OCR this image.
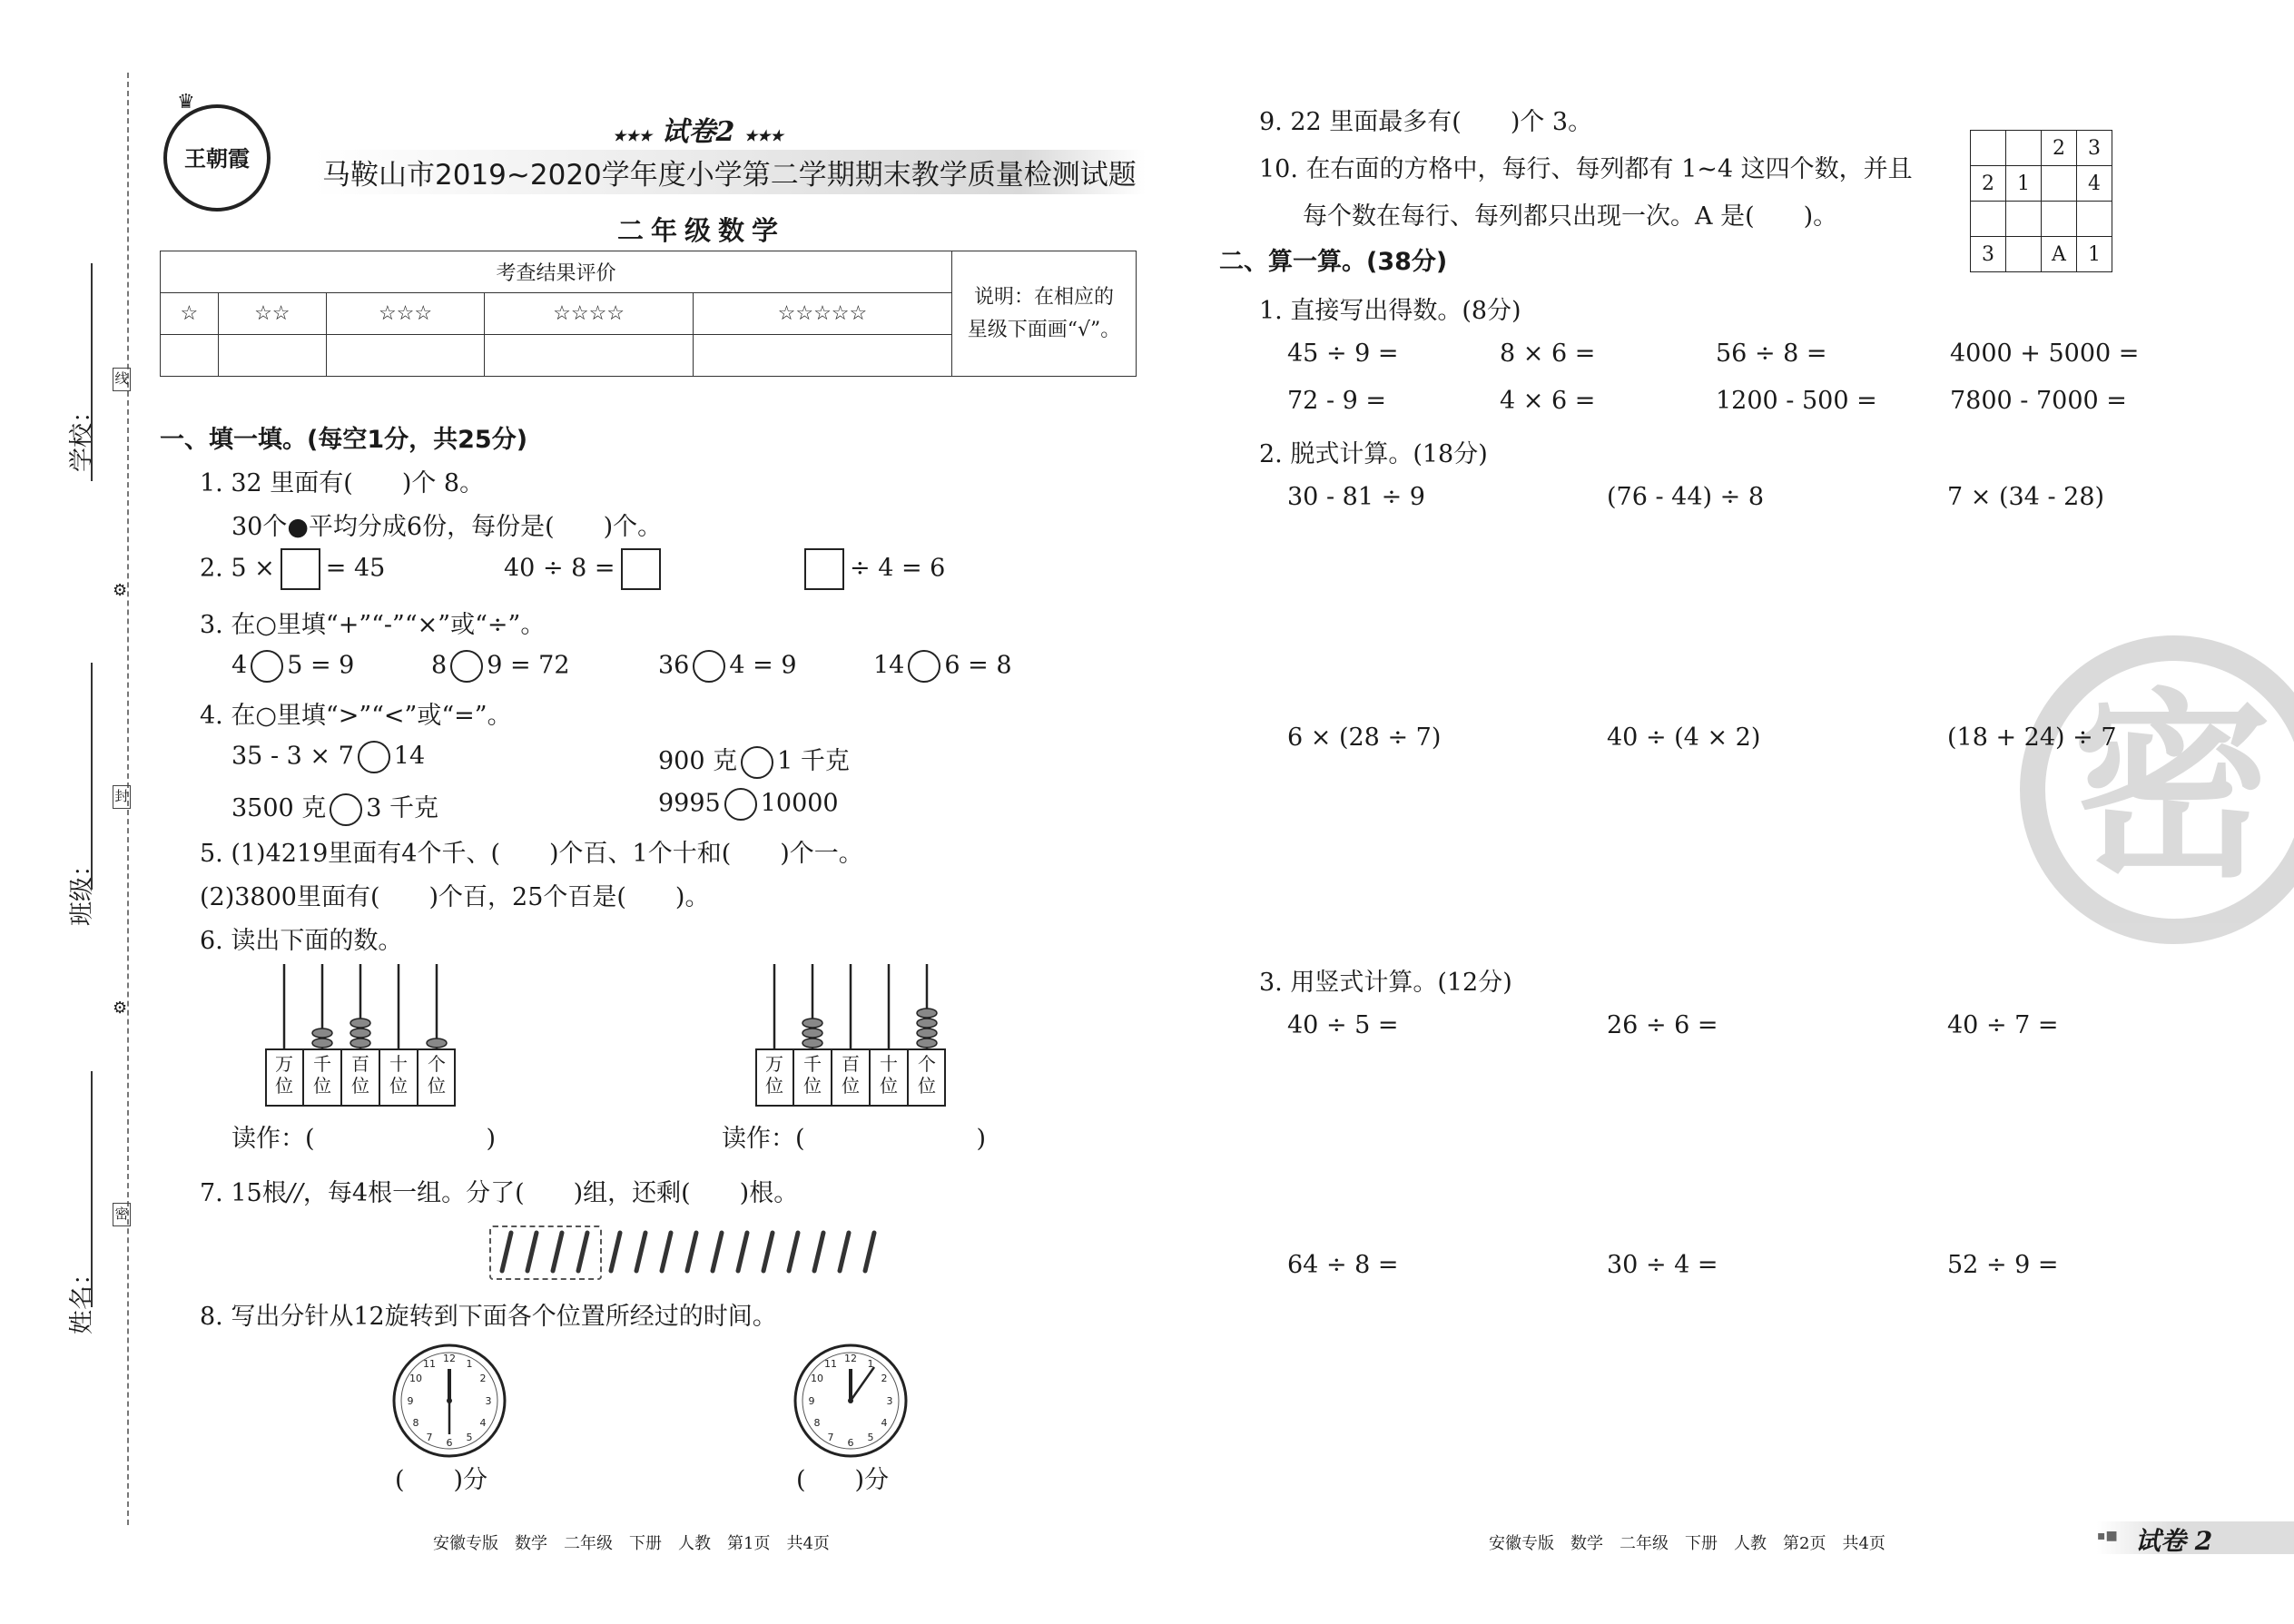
学校：
班级：
姓名：
线
封
密
⚙
⚙
王朝霞
♛
★★★ 试卷2 ★★★
马鞍山市2019~2020学年度小学第二学期期末教学质量检测试题
二年级数学
考查结果评价					说明：在相应的
星级下面画“√”。
☆	☆☆	☆☆☆	☆☆☆☆	☆☆☆☆☆	

一、填一填。(每空1分，共25分)
1. 32 里面有(　　)个 8。
30个●平均分成6份，每份是(　　)个。
2. 5 × = 45	40 ÷ 8 =	÷ 4 = 6
3. 在○里填“+”“-”“×”或“÷”。
4 5 = 9	8 9 = 72	36 4 = 9	14 6 = 8
4. 在○里填“>”“<”或“=”。
35 - 3 × 7 14	900 克 1 千克
3500 克 3 千克	9995 10000
5. (1)4219里面有4个千、(　　)个百、1个十和(　　)个一。
(2)3800里面有(　　)个百，25个百是(　　)。
6. 读出下面的数。
万位
千位
百位
十位
个位
万位
千位
百位
十位
个位
读作：(　　　　　　　)	读作：(　　　　　　　)
7. 15根//，每4根一组。分了(　　)组，还剩(　　)根。
8. 写出分针从12旋转到下面各个位置所经过的时间。
12 1
2
3
4
5
6
7
8
9
10
11	12 1
2
3
4
5
6
7
8
9
10
11
(　　)分	(　　)分
9. 22 里面最多有(　　)个 3。
10. 在右面的方格中，每行、每列都有 1~4 这四个数，并且
每个数在每行、每列都只出现一次。A 是(　　)。
		2	3
2	1		4

3		A	1
密
二、算一算。(38分)
1. 直接写出得数。(8分)
45 ÷ 9 =	8 × 6 =	56 ÷ 8 =	4000 + 5000 =
72 - 9 =	4 × 6 =	1200 - 500 =	7800 - 7000 =
2. 脱式计算。(18分)
30 - 81 ÷ 9	(76 - 44) ÷ 8	7 × (34 - 28)
6 × (28 ÷ 7)	40 ÷ (4 × 2)	(18 + 24) ÷ 7
3. 用竖式计算。(12分)
40 ÷ 5 =	26 ÷ 6 =	40 ÷ 7 =
64 ÷ 8 =	30 ÷ 4 =	52 ÷ 9 =
安徽专版　数学　二年级　下册　人教　第1页　共4页	安徽专版　数学　二年级　下册　人教　第2页　共4页	▪■ 试卷 2
